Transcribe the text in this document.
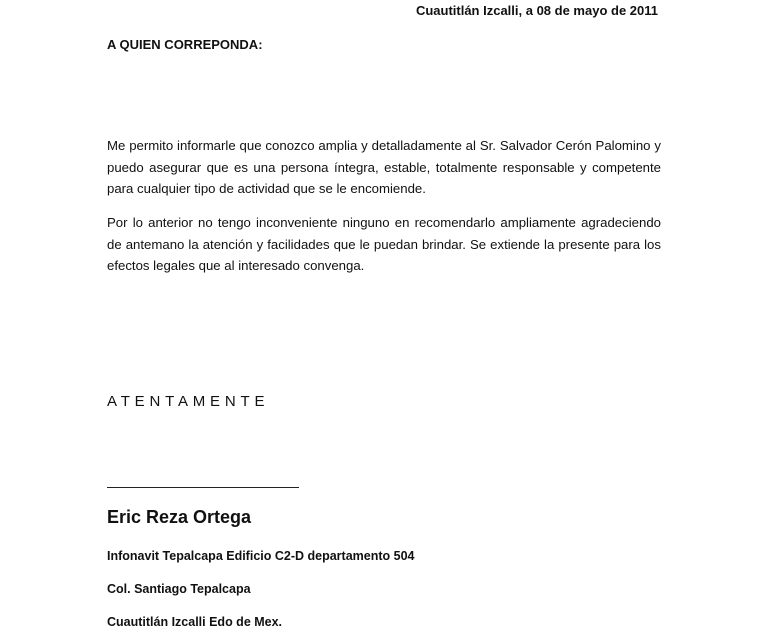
Cuautitlán Izcalli, a 08 de mayo de 2011
A QUIEN CORREPONDA:

Me permito informarle que conozco amplia y detalladamente al Sr. Salvador Cerón Palomino y puedo asegurar que es una persona íntegra, estable, totalmente responsable y competente para cualquier tipo de actividad que se le encomiende.

Por lo anterior no tengo inconveniente ninguno en recomendarlo ampliamente agradeciendo de antemano la atención y facilidades que le puedan brindar. Se extiende la presente para los efectos legales que al interesado convenga.

ATENTAMENTE
Eric Reza Ortega
Infonavit Tepalcapa Edificio C2-D departamento 504
Col. Santiago Tepalcapa
Cuautitlán Izcalli Edo de Mex.
